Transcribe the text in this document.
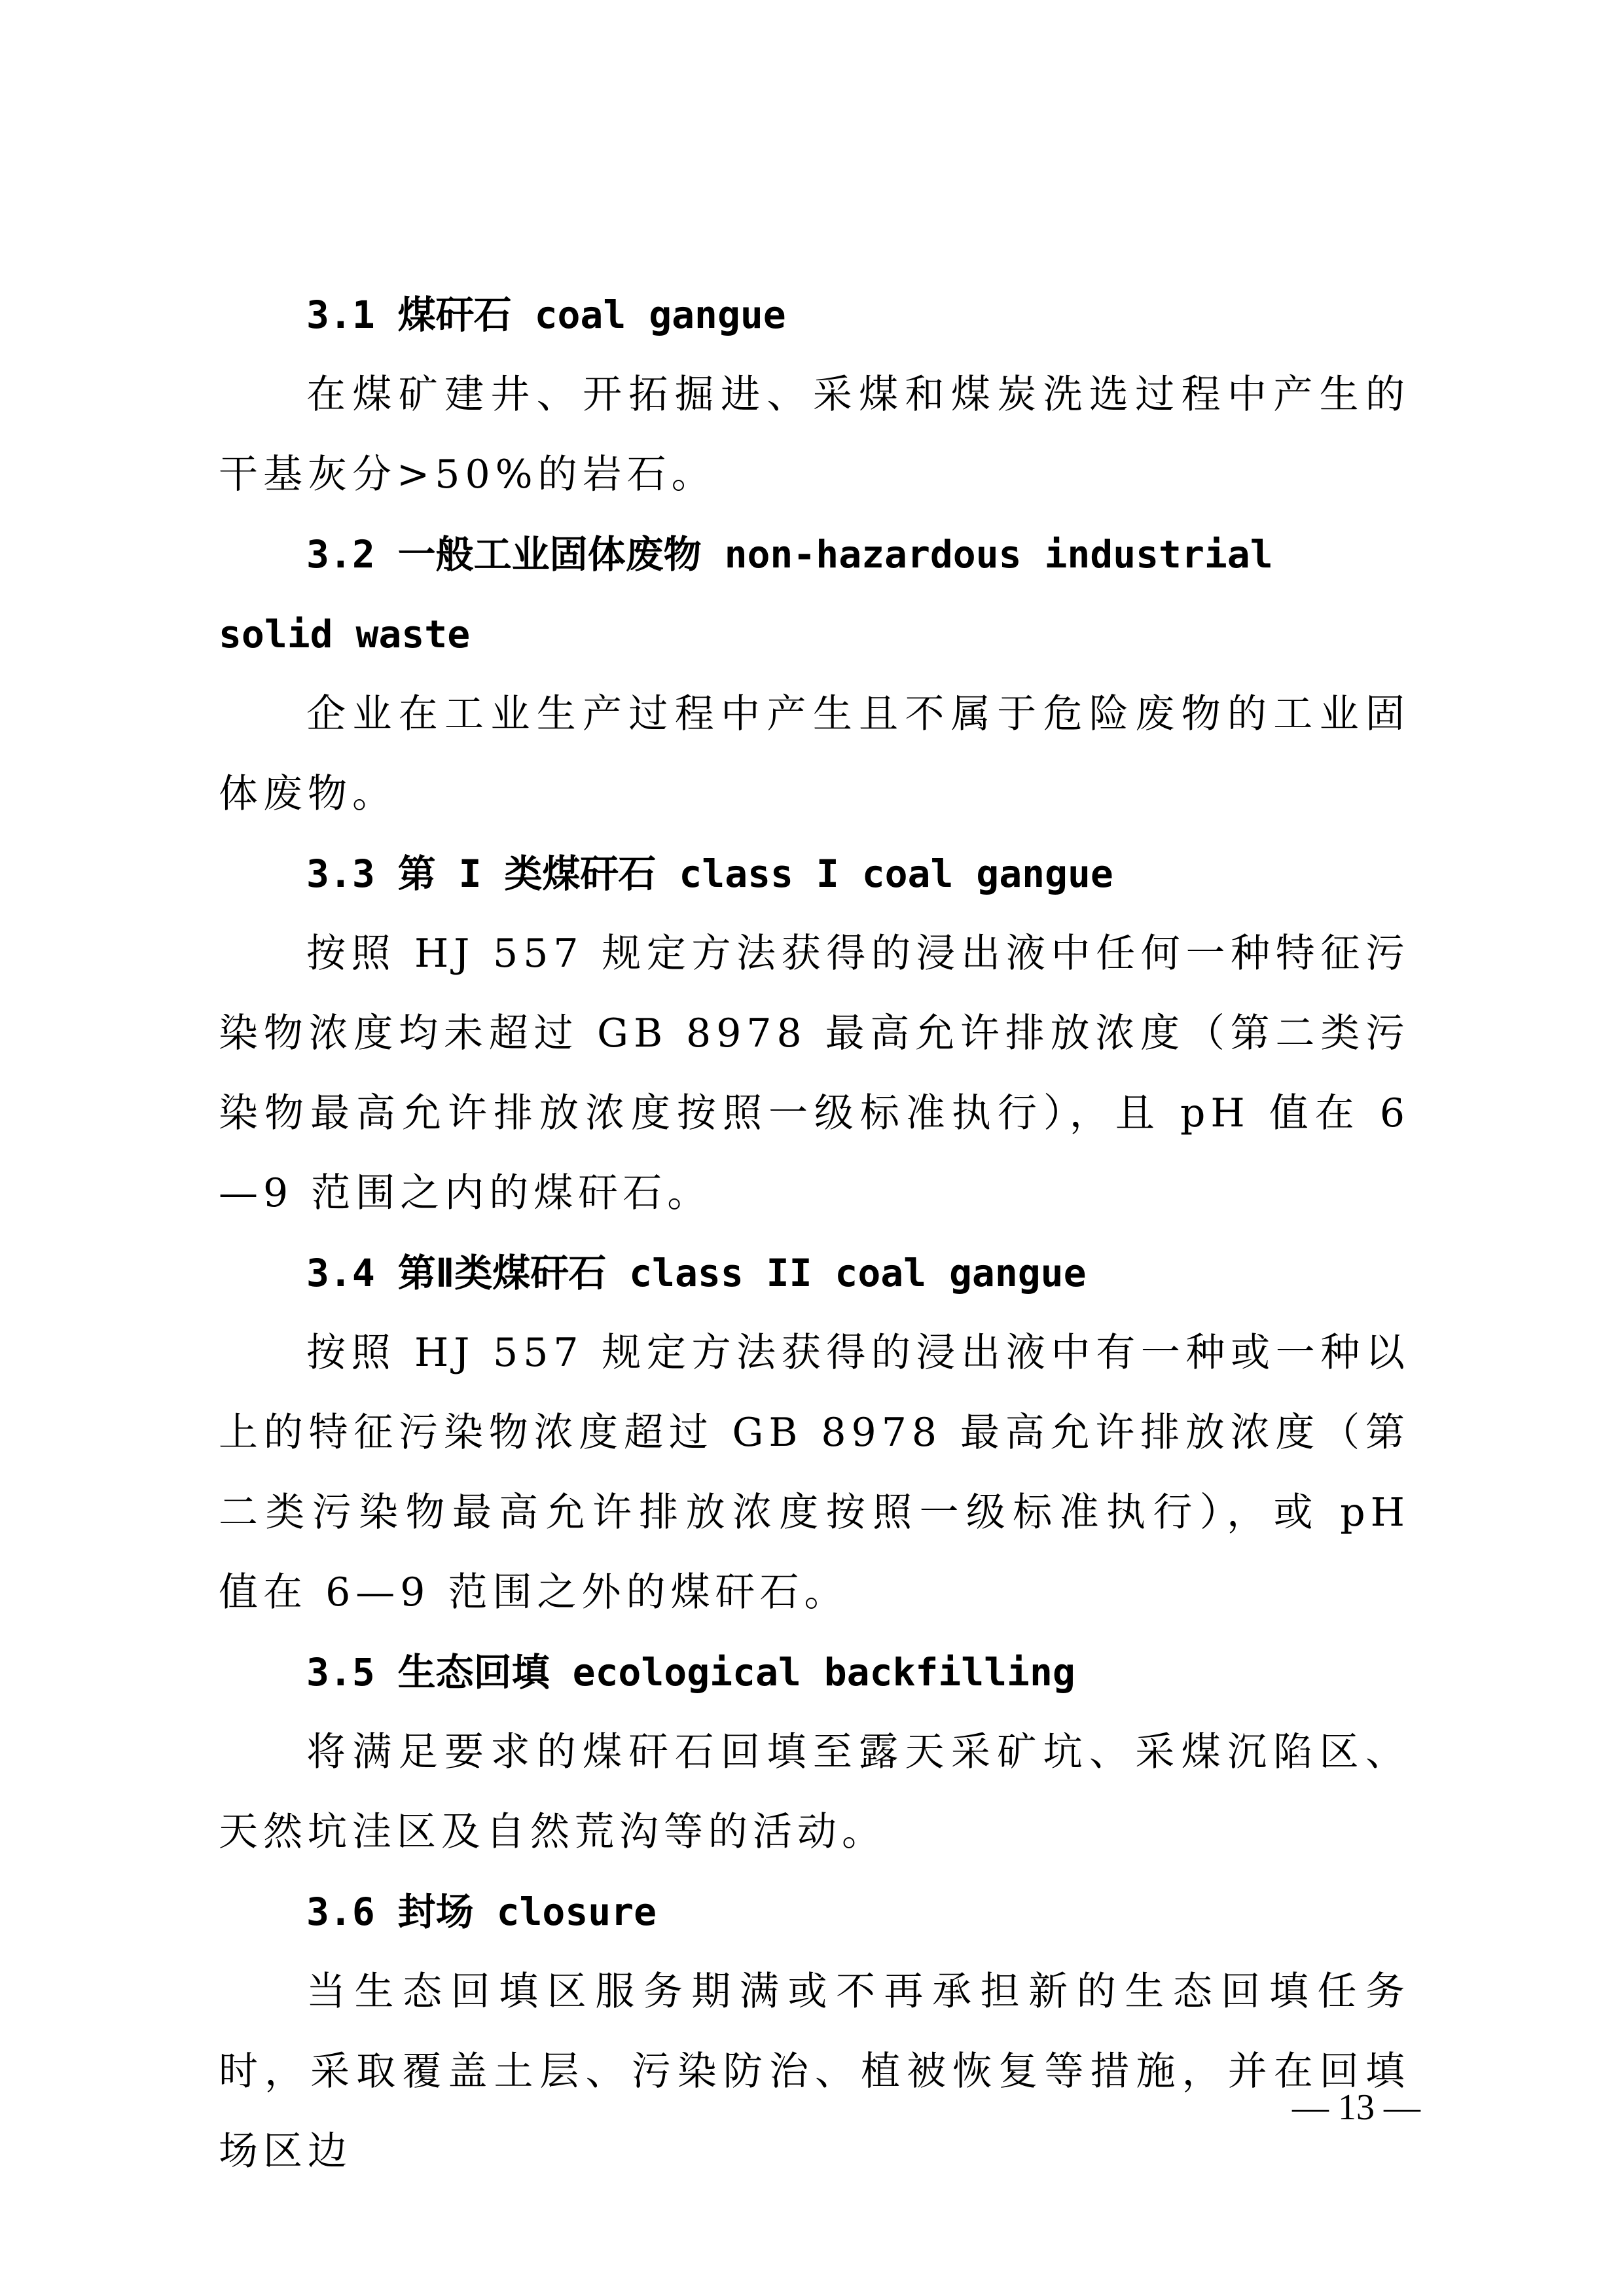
3.1 煤矸石 coal gangue
在煤矿建井、开拓掘进、采煤和煤炭洗选过程中产生的干基灰分>50%的岩石。
3.2 一般工业固体废物 non-hazardous industrial solid waste
企业在工业生产过程中产生且不属于危险废物的工业固体废物。
3.3 第 I 类煤矸石 class I coal gangue
按照 HJ 557 规定方法获得的浸出液中任何一种特征污染物浓度均未超过 GB 8978 最高允许排放浓度（第二类污染物最高允许排放浓度按照一级标准执行），且 pH 值在 6—9 范围之内的煤矸石。
3.4 第Ⅱ类煤矸石 class II coal gangue
按照 HJ 557 规定方法获得的浸出液中有一种或一种以上的特征污染物浓度超过 GB 8978 最高允许排放浓度（第二类污染物最高允许排放浓度按照一级标准执行），或 pH 值在 6—9 范围之外的煤矸石。
3.5 生态回填 ecological backfilling
将满足要求的煤矸石回填至露天采矿坑、采煤沉陷区、天然坑洼区及自然荒沟等的活动。
3.6 封场 closure
当生态回填区服务期满或不再承担新的生态回填任务时，采取覆盖土层、污染防治、植被恢复等措施，并在回填场区边
— 13 —
